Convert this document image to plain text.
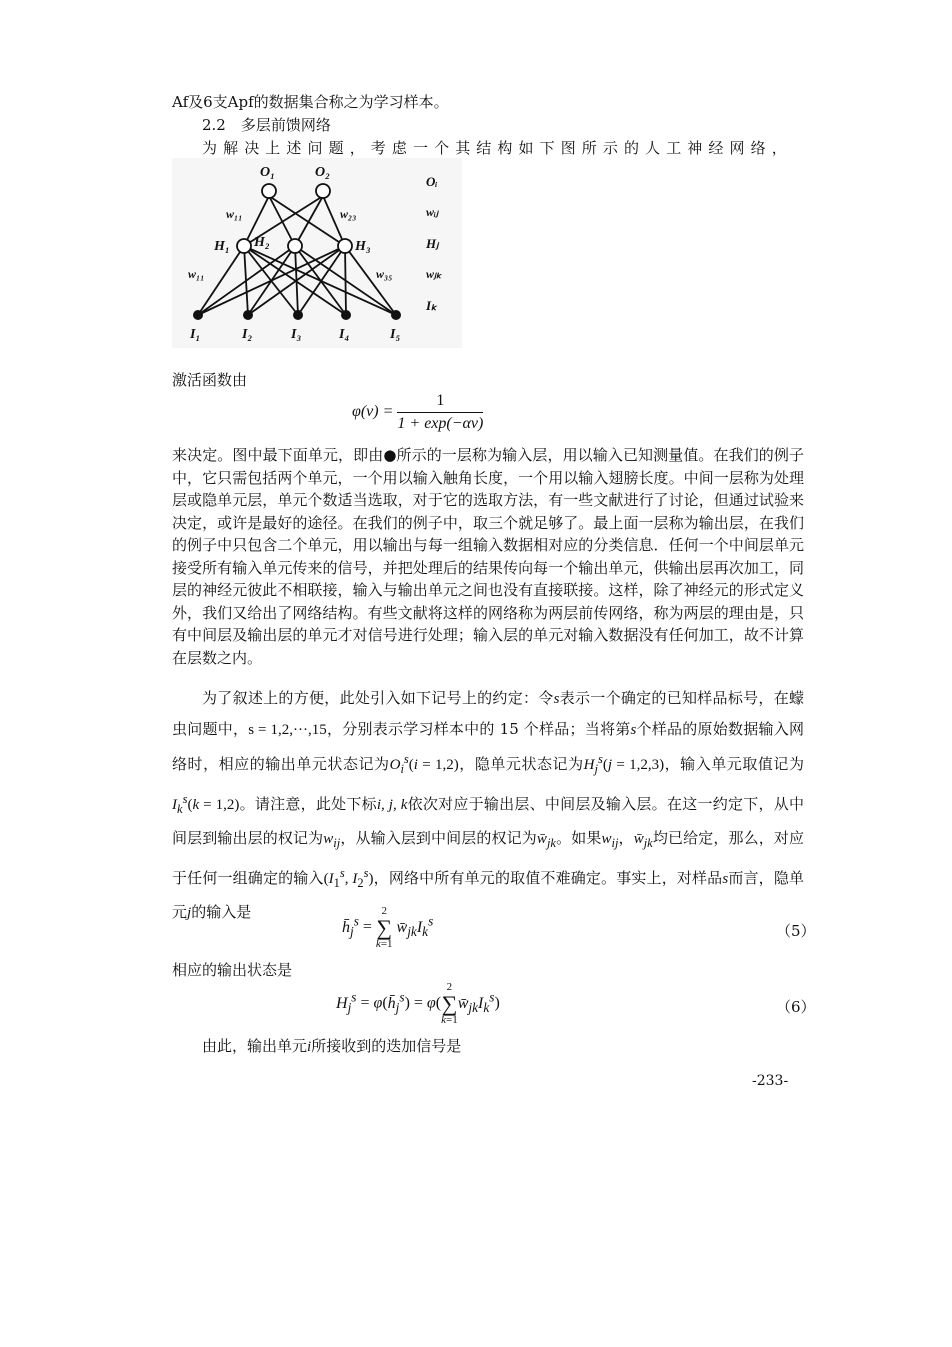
Af及6支Apf的数据集合称之为学习样本。
2.2　多层前馈网络
为解决上述问题，考虑一个其结构如下图所示的人工神经网络，
O₁	O₂
H₁ H₂	H₃
I₁	I₂	I₃	I₄	I₅
w₁₁	w₂₃
w₁₁	w₃₅
Oᵢ
wᵢⱼ
Hⱼ
wⱼₖ
Iₖ
激活函数由
$\varphi(v) = \frac{1}{1 + \exp(-\alpha v)}$
来决定。图中最下面单元，即由●所示的一层称为输入层，用以输入已知测量值。在我们的例子中，它只需包括两个单元，一个用以输入触角长度，一个用以输入翅膀长度。中间一层称为处理层或隐单元层，单元个数适当选取，对于它的选取方法，有一些文献进行了讨论，但通过试验来决定，或许是最好的途径。在我们的例子中，取三个就足够了。最上面一层称为输出层，在我们的例子中只包含二个单元，用以输出与每一组输入数据相对应的分类信息．任何一个中间层单元接受所有输入单元传来的信号，并把处理后的结果传向每一个输出单元，供输出层再次加工，同层的神经元彼此不相联接，输入与输出单元之间也没有直接联接。这样，除了神经元的形式定义外，我们又给出了网络结构。有些文献将这样的网络称为两层前传网络，称为两层的理由是，只有中间层及输出层的单元才对信号进行处理；输入层的单元对输入数据没有任何加工，故不计算在层数之内。
为了叙述上的方便，此处引入如下记号上的约定：令s表示一个确定的已知样品标号，在蠓虫问题中，s = 1,2,···,15，分别表示学习样本中的 15 个样品；当将第s个样品的原始数据输入网络时，相应的输出单元状态记为$O_i^s(i = 1,2)$，隐单元状态记为$H_j^s(j = 1,2,3)$，输入单元取值记为$I_k^s(k = 1,2)$。请注意，此处下标i, j, k依次对应于输出层、中间层及输入层。在这一约定下，从中间层到输出层的权记为$w_{ij}$，从输入层到中间层的权记为$w̄_{jk}$。如果$w_{ij}$，$w̄_{jk}$均已给定，那么，对应于任何一组确定的输入($I_1^s$, $I_2^s$)，网络中所有单元的取值不难确定。事实上，对样品s而言，隐单元j的输入是
$h̄_j^s$ =
2
∑
k=1
$w̄_{jk}I_k^s$
（5）
相应的输出状态是
$H_j^s$ = $\varphi(h̄_j^s) = \varphi$(
2
∑
k=1
$w̄_{jk}I_k^s$)	（6）
由此，输出单元i所接收到的迭加信号是
-233-
